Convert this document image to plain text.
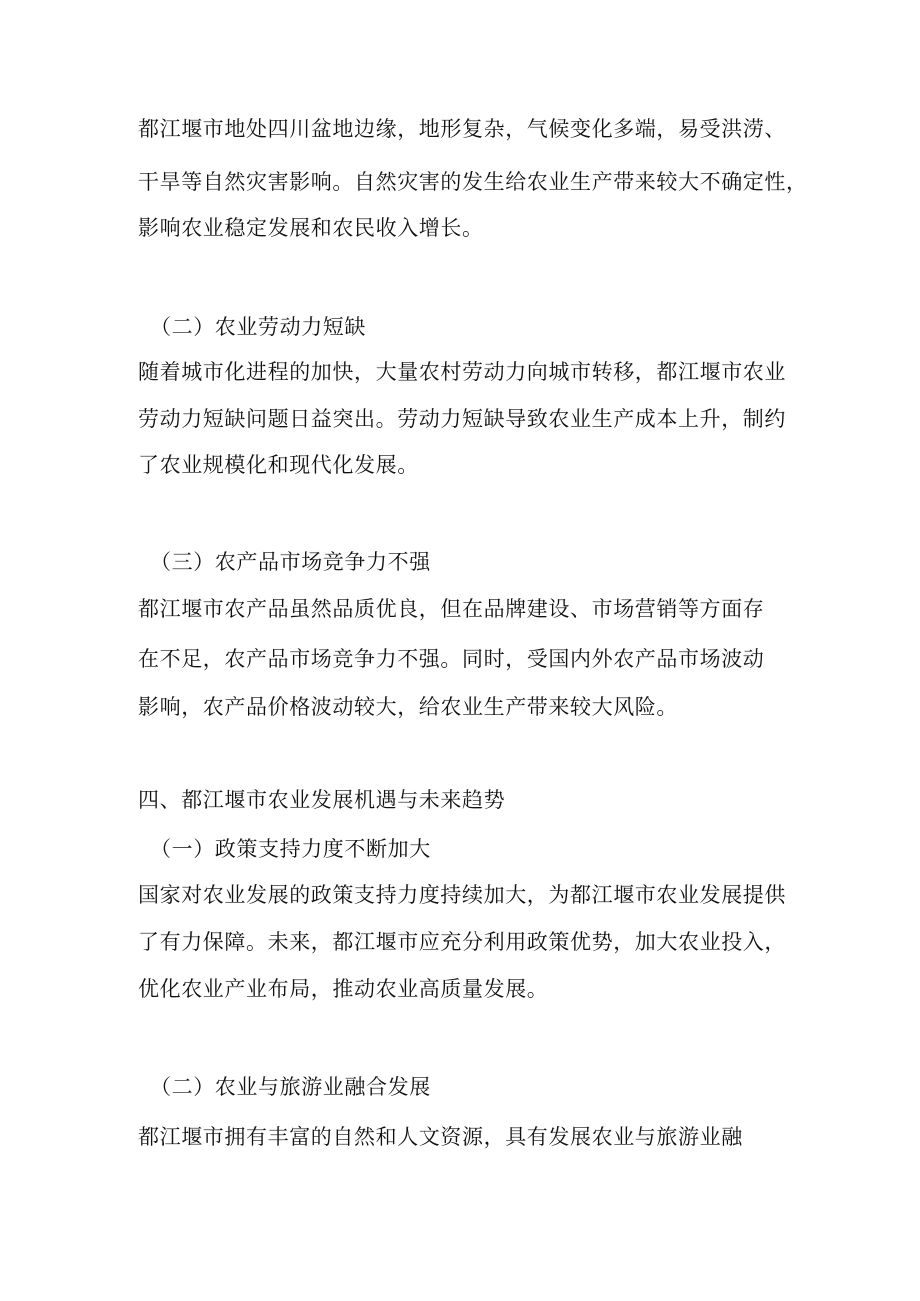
都江堰市地处四川盆地边缘，地形复杂，气候变化多端，易受洪涝、
干旱等自然灾害影响。自然灾害的发生给农业生产带来较大不确定性，
影响农业稳定发展和农民收入增长。
（二）农业劳动力短缺
随着城市化进程的加快，大量农村劳动力向城市转移，都江堰市农业
劳动力短缺问题日益突出。劳动力短缺导致农业生产成本上升，制约
了农业规模化和现代化发展。
（三）农产品市场竞争力不强
都江堰市农产品虽然品质优良，但在品牌建设、市场营销等方面存
在不足，农产品市场竞争力不强。同时，受国内外农产品市场波动
影响，农产品价格波动较大，给农业生产带来较大风险。
四、都江堰市农业发展机遇与未来趋势
（一）政策支持力度不断加大
国家对农业发展的政策支持力度持续加大，为都江堰市农业发展提供
了有力保障。未来，都江堰市应充分利用政策优势，加大农业投入，
优化农业产业布局，推动农业高质量发展。
（二）农业与旅游业融合发展
都江堰市拥有丰富的自然和人文资源，具有发展农业与旅游业融
